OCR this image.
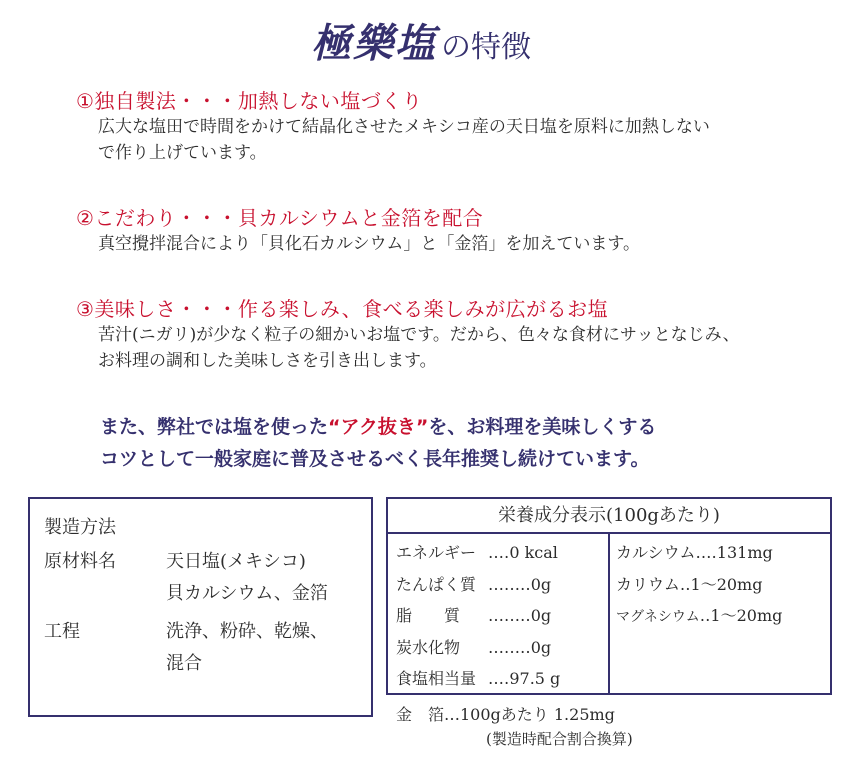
極樂塩 の特徴
①独自製法・・・加熱しない塩づくり
広大な塩田で時間をかけて結晶化させたメキシコ産の天日塩を原料に加熱しない
で作り上げています。
②こだわり・・・貝カルシウムと金箔を配合
真空攪拌混合により「貝化石カルシウム」と「金箔」を加えています。
③美味しさ・・・作る楽しみ、食べる楽しみが広がるお塩
苦汁(ニガリ)が少なく粒子の細かいお塩です。だから、色々な食材にサッとなじみ、
お料理の調和した美味しさを引き出します。
また、弊社では塩を使った“アク抜き”を、お料理を美味しくする
コツとして一般家庭に普及させるべく長年推奨し続けています。
製造方法
原材料名	天日塩(メキシコ)
貝カルシウム、金箔
工程	洗浄、粉砕、乾燥、
混合
栄養成分表示(100gあたり)
エネルギー ‥‥0 kcal
たんぱく質 ‥‥‥‥0g
脂　　質 ‥‥‥‥0g
炭水化物 ‥‥‥‥0g
食塩相当量 ‥‥97.5 g
カルシウム‥‥131mg
カリウム‥1〜20mg
マグネシウム‥1〜20mg
金　箔…100gあたり 1.25mg
(製造時配合割合換算)
